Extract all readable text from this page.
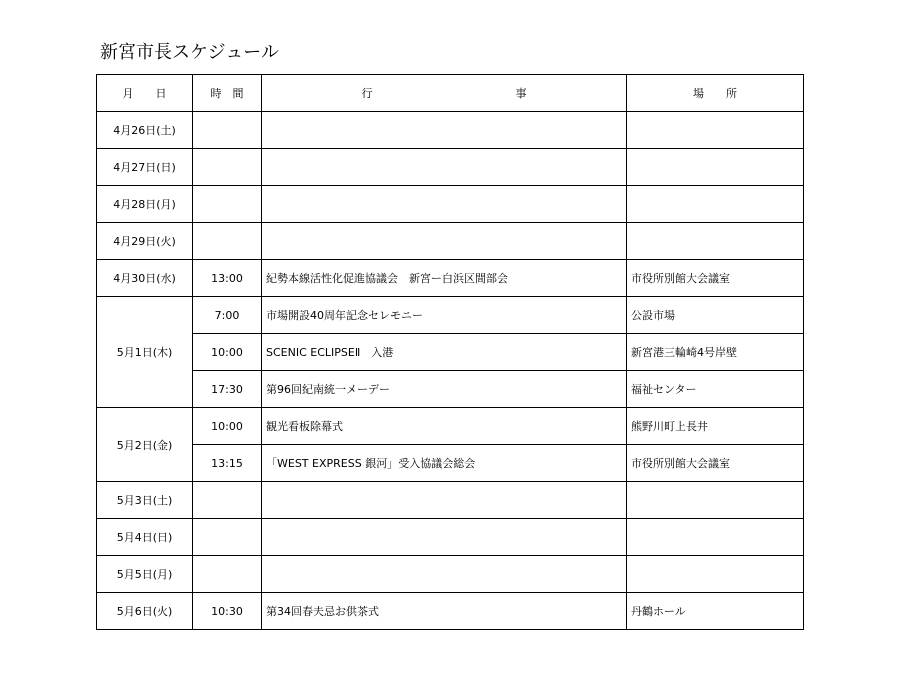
新宮市長スケジュール
月　　日	時　間	行　　　　　　　　　　　　　事	場　　所
4月26日(土)			
4月27日(日)			
4月28日(月)			
4月29日(火)			
4月30日(水)	13:00	紀勢本線活性化促進協議会　新宮ー白浜区間部会	市役所別館大会議室
5月1日(木)	7:00	市場開設40周年記念セレモニー	公設市場
	10:00	SCENIC ECLIPSEⅡ　入港	新宮港三輪崎4号岸壁
	17:30	第96回紀南統一メーデー	福祉センター
5月2日(金)	10:00	観光看板除幕式	熊野川町上長井
	13:15	「WEST EXPRESS 銀河」受入協議会総会	市役所別館大会議室
5月3日(土)			
5月4日(日)			
5月5日(月)			
5月6日(火)	10:30	第34回春夫忌お供茶式	丹鶴ホール
